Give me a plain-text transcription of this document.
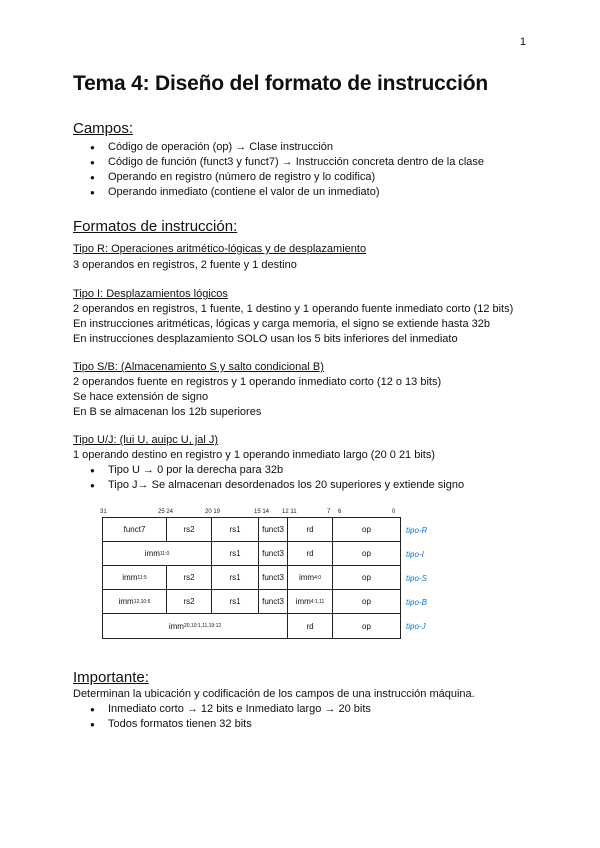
1
Tema 4: Diseño del formato de instrucción
Campos:
● Código de operación (op) → Clase instrucción
● Código de función (funct3 y funct7) → Instrucción concreta dentro de la clase
● Operando en registro (número de registro y lo codifica)
● Operando inmediato (contiene el valor de un inmediato)
Formatos de instrucción:

Tipo R: Operaciones aritmético-lógicas y de desplazamiento

3 operandos en registros, 2 fuente y 1 destino

Tipo I: Desplazamientos lógicos

2 operandos en registros, 1 fuente, 1 destino y 1 operando fuente inmediato corto (12 bits)

En instrucciones aritméticas, lógicas y carga memoria, el signo se extiende hasta 32b

En instrucciones desplazamiento SOLO usan los 5 bits inferiores del inmediato

Tipo S/B: (Almacenamiento S y salto condicional B)

2 operandos fuente en registros y 1 operando inmediato corto (12 o 13 bits)

Se hace extensión de signo

En B se almacenan los 12b superiores

Tipo U/J: (lui U, auipc U, jal J)

1 operando destino en registro y 1 operando inmediato largo (20 0 21 bits)

● Tipo U → 0 por la derecha para 32b
● Tipo J→ Se almacenan desordenados los 20 superiores y extiende signo
31	25 24	20 19	15 14 12 11	7 6	0
funct7	rs2	rs1	funct3	rd	op
imm 11:0	rs1	funct3	rd	op
imm 11:5	rs2	rs1	funct3	imm 4:0	op
imm 12,10:5	rs2	rs1	funct3	imm 4:1,11	op
imm 20,10:1,11,19:12	rd	op
tipo-R
tipo-I
tipo-S
tipo-B
tipo-J
Importante:

Determinan la ubicación y codificación de los campos de una instrucción máquina.

● Inmediato corto → 12 bits e Inmediato largo → 20 bits
● Todos formatos tienen 32 bits
